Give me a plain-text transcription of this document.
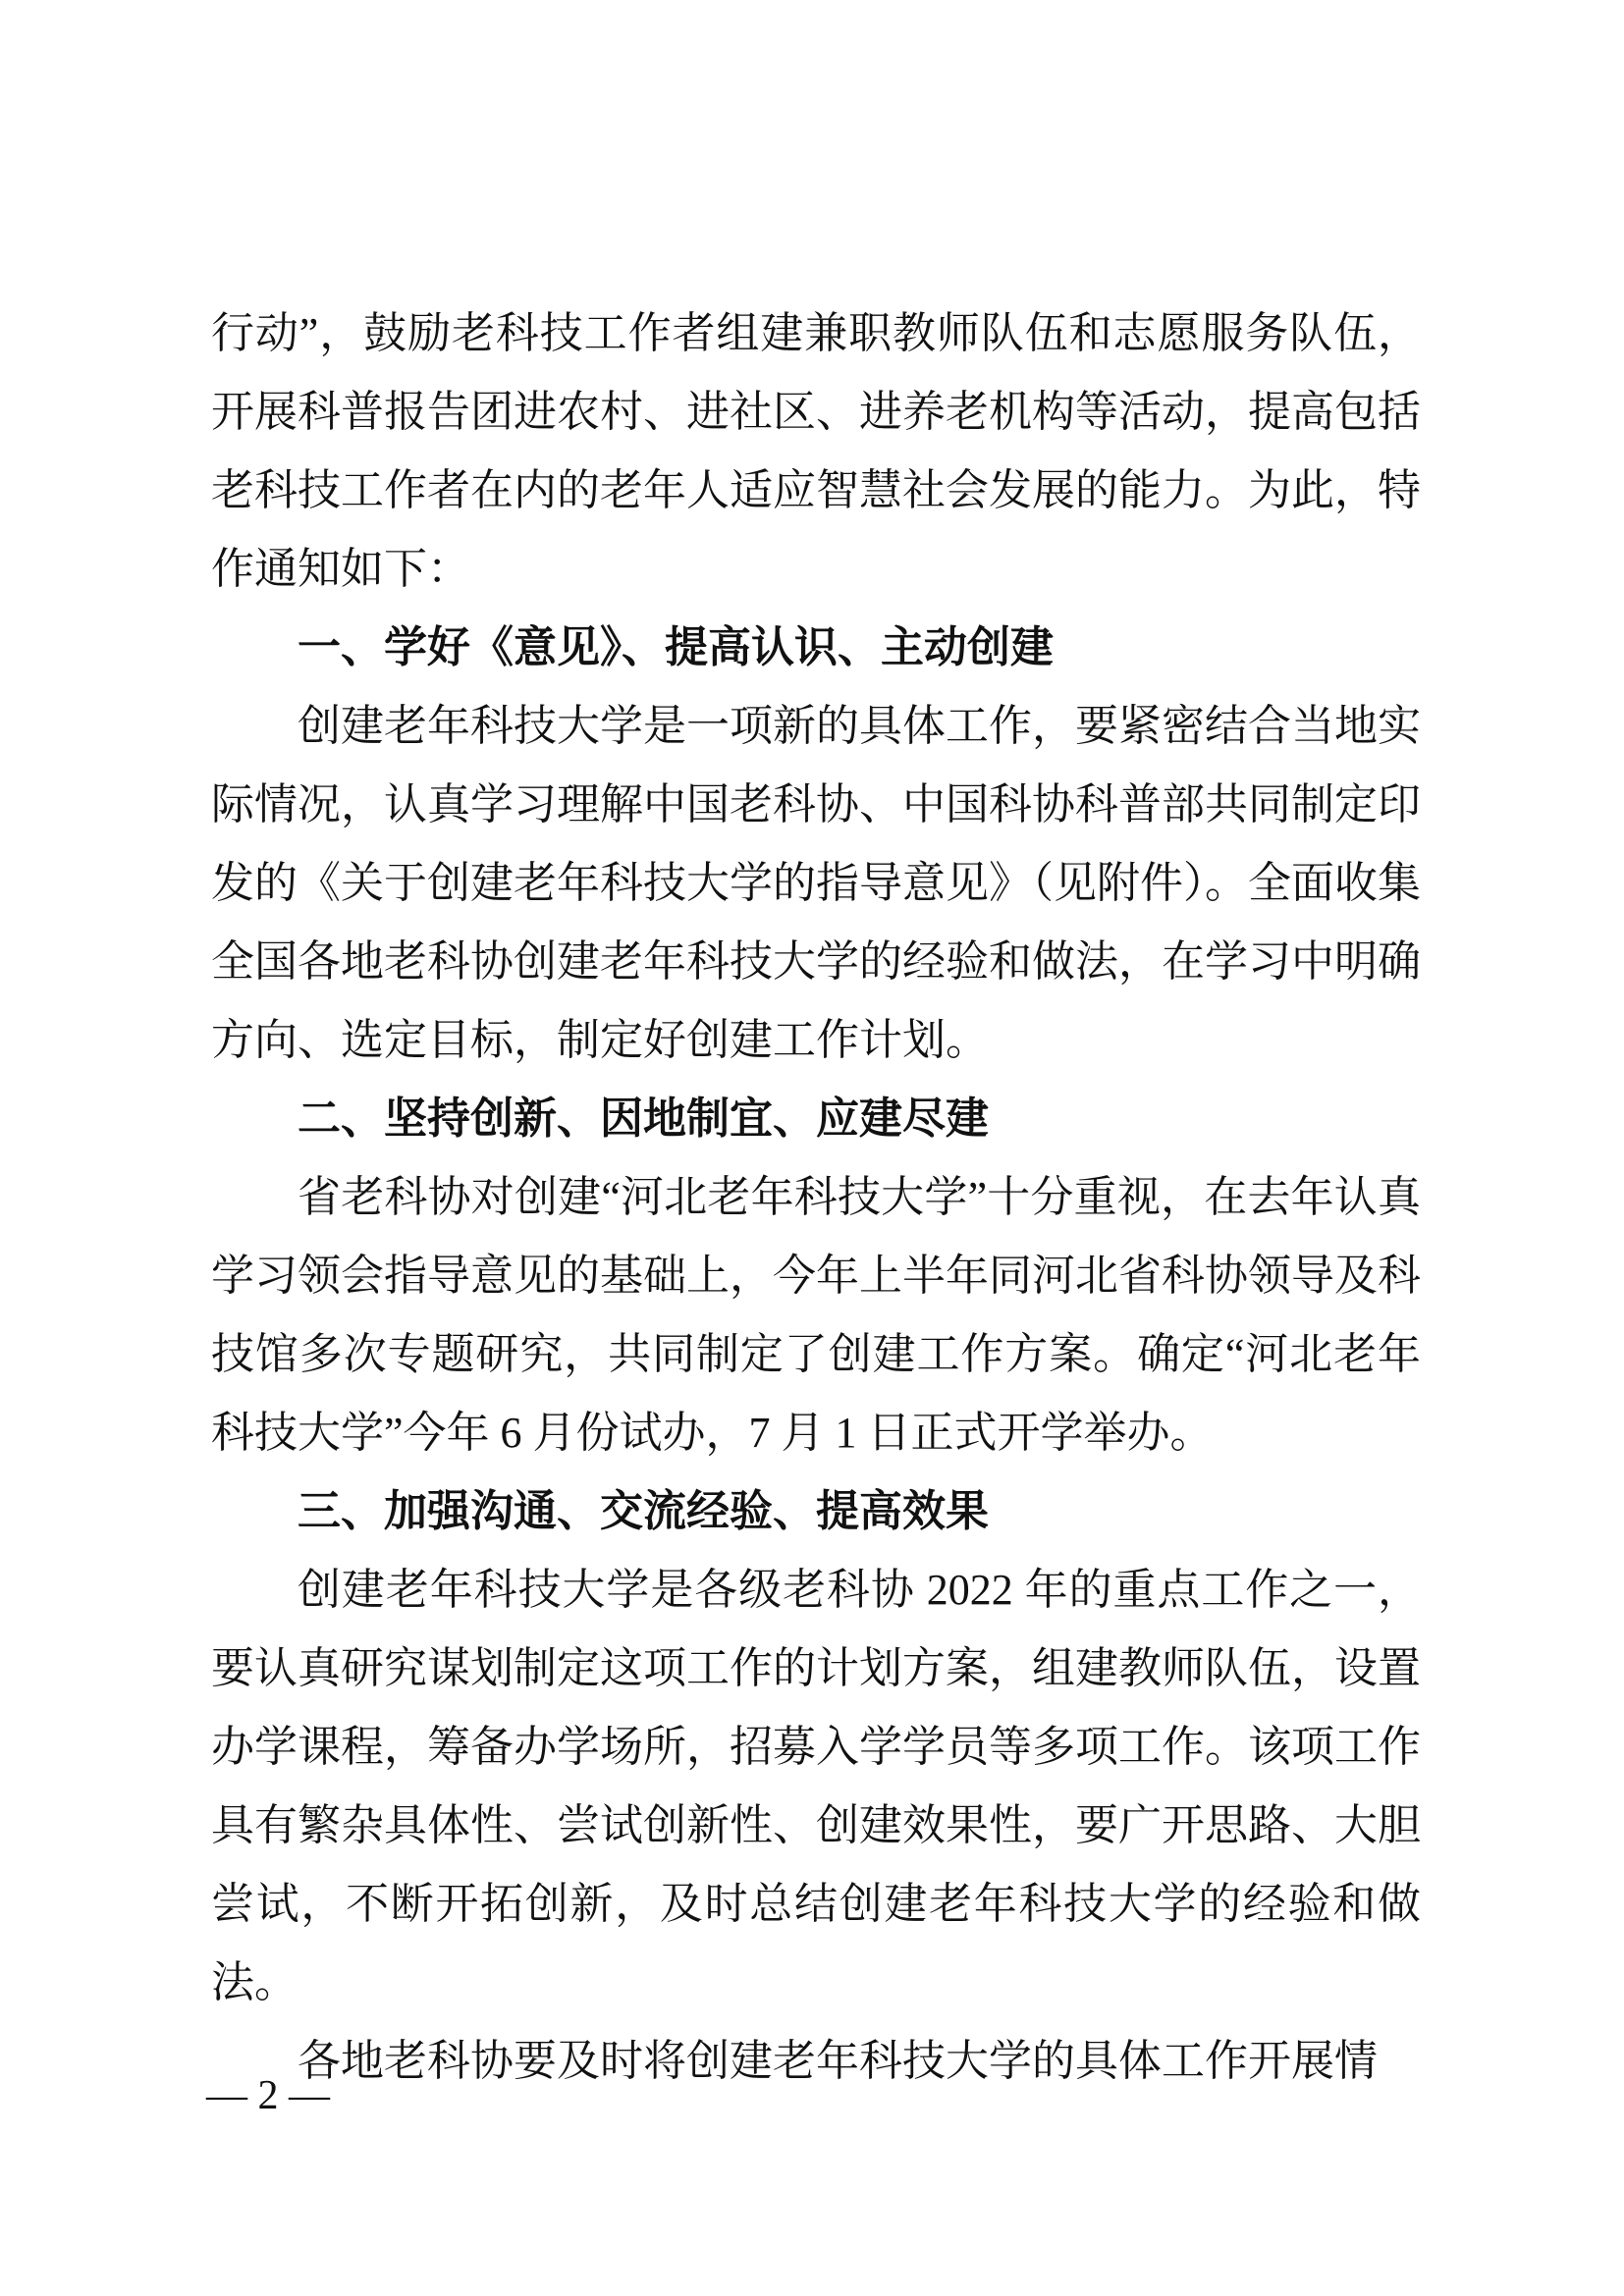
行动”，鼓励老科技工作者组建兼职教师队伍和志愿服务队伍，开展科普报告团进农村、进社区、进养老机构等活动，提高包括老科技工作者在内的老年人适应智慧社会发展的能力。为此，特作通知如下：

一、学好《意见》、提高认识、主动创建

创建老年科技大学是一项新的具体工作，要紧密结合当地实际情况，认真学习理解中国老科协、中国科协科普部共同制定印发的《关于创建老年科技大学的指导意见》（见附件）。全面收集全国各地老科协创建老年科技大学的经验和做法，在学习中明确方向、选定目标，制定好创建工作计划。

二、坚持创新、因地制宜、应建尽建

省老科协对创建“河北老年科技大学”十分重视，在去年认真学习领会指导意见的基础上，今年上半年同河北省科协领导及科技馆多次专题研究，共同制定了创建工作方案。确定“河北老年科技大学”今年 6 月份试办，7 月 1 日正式开学举办。

三、加强沟通、交流经验、提高效果

创建老年科技大学是各级老科协 2022 年的重点工作之一，要认真研究谋划制定这项工作的计划方案，组建教师队伍，设置办学课程，筹备办学场所，招募入学学员等多项工作。该项工作具有繁杂具体性、尝试创新性、创建效果性，要广开思路、大胆尝试，不断开拓创新，及时总结创建老年科技大学的经验和做法。

各地老科协要及时将创建老年科技大学的具体工作开展情

— 2 —
